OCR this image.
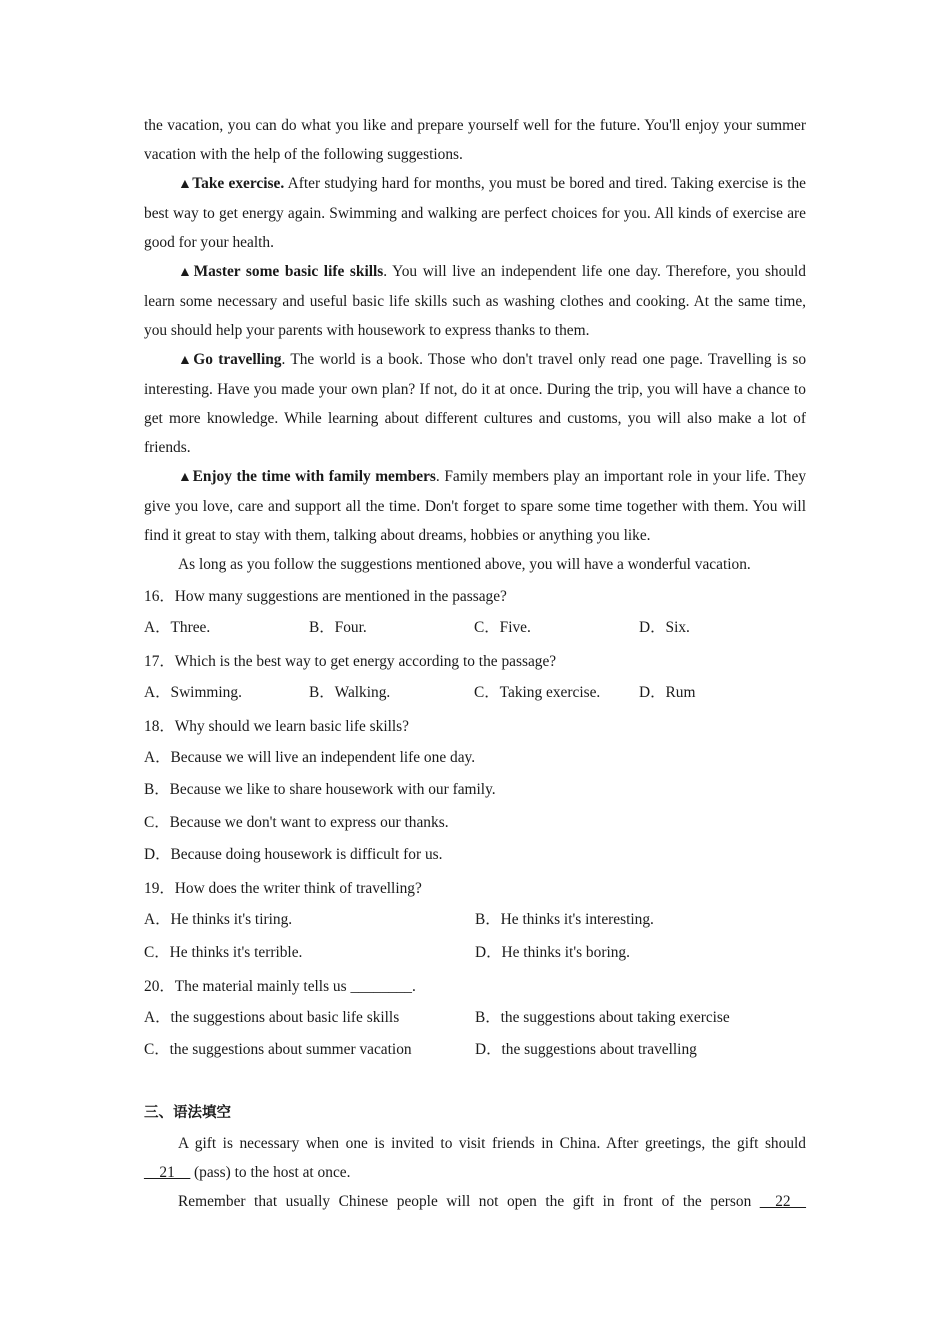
the vacation, you can do what you like and prepare yourself well for the future. You'll enjoy your summer vacation with the help of the following suggestions.

▲Take exercise. After studying hard for months, you must be bored and tired. Taking exercise is the best way to get energy again. Swimming and walking are perfect choices for you. All kinds of exercise are good for your health.

▲Master some basic life skills. You will live an independent life one day. Therefore, you should learn some necessary and useful basic life skills such as washing clothes and cooking. At the same time, you should help your parents with housework to express thanks to them.

▲Go travelling. The world is a book. Those who don't travel only read one page. Travelling is so interesting. Have you made your own plan? If not, do it at once. During the trip, you will have a chance to get more knowledge. While learning about different cultures and customs, you will also make a lot of friends.

▲Enjoy the time with family members. Family members play an important role in your life. They give you love, care and support all the time. Don't forget to spare some time together with them. You will find it great to stay with them, talking about dreams, hobbies or anything you like.

As long as you follow the suggestions mentioned above, you will have a wonderful vacation.

16．How many suggestions are mentioned in the passage?
A．Three.	B．Four.	C．Five.	D．Six.
17．Which is the best way to get energy according to the passage?
A．Swimming.	B．Walking.	C．Taking exercise.	D．Rum
18．Why should we learn basic life skills?
A．Because we will live an independent life one day.
B．Because we like to share housework with our family.
C．Because we don't want to express our thanks.
D．Because doing housework is difficult for us.
19．How does the writer think of travelling?
A．He thinks it's tiring.	B．He thinks it's interesting.
C．He thinks it's terrible.	D．He thinks it's boring.
20．The material mainly tells us ________.
A．the suggestions about basic life skills	B．the suggestions about taking exercise
C．the suggestions about summer vacation	D．the suggestions about travelling
三、语法填空

A gift is necessary when one is invited to visit friends in China. After greetings, the gift should __21__ (pass) to the host at once.

Remember that usually Chinese people will not open the gift in front of the person __22__
